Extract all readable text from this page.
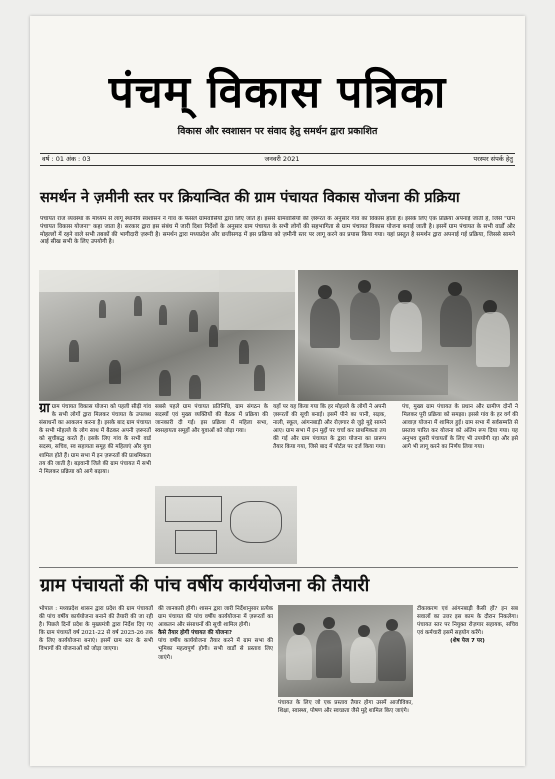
पंचम् विकास पत्रिका
विकास और स्वशासन पर संवाद हेतु समर्थन द्वारा प्रकाशित
वर्ष : 01 अंक : 03	जनवरी 2021	परस्पर संपर्क हेतु
समर्थन ने ज़मीनी स्तर पर क्रियान्वित की ग्राम पंचायत विकास योजना की प्रक्रिया
पंचायत राज व्यवस्था के माध्यम से लागू स्थानीय स्वशासन ने गांव के फैसले ग्रामवासियों द्वारा लिए जाते हैं। इससे ग्रामवासियों की ज़रूरत के अनुसार गांव का विकास होता है। इसके लिए एक प्रक्रिया अपनाई जाती है, जिसे "ग्राम पंचायत विकास योजना" कहा जाता है। सरकार द्वारा इस संबंध में जारी दिशा निर्देशों के अनुसार ग्राम पंचायत के सभी लोगों की सहभागिता से ग्राम पंचायत विकास योजना बनाई जाती है। इसमें ग्राम पंचायत के सभी वार्डों और मोहल्लों में रहने वाले सभी तबकों की भागीदारी ज़रूरी है। समर्थन द्वारा मध्यप्रदेश और छत्तीसगढ़ में इस प्रक्रिया को ज़मीनी स्तर पर लागू करने का प्रयास किया गया। यहां प्रस्तुत है समर्थन द्वारा अपनाई गई प्रक्रिया, जिससे सामने आई सीख सभी के लिए उपयोगी है।

ग्रा ग्राम पंचायत विकास योजना को पहली सीढ़ी गांव के सभी लोगों द्वारा मिलकर पंचायत के उपलब्ध संसाधनों का आकलन करना है। इसके बाद ग्राम पंचायत के सभी मोहल्ले के लोग साथ में बैठकर अपनी ज़रूरतों को सूचीबद्ध करते हैं। इसके लिए गांव के सभी वार्ड सदस्य, सचिव, स्व सहायता समूह की महिलाएं और युवा शामिल होते हैं। ग्राम सभा में इन ज़रूरतों की प्राथमिकता तय की जाती है। बड़वानी जिले की ग्राम पंचायत में सभी ने मिलकर प्रक्रिया को आगे बढ़ाया।

सबसे पहले ग्राम पंचायत प्रतिनिधि, ग्राम संगठन के सदस्यों एवं मुख्य व्यक्तियों की बैठक में प्रक्रिया की जानकारी दी गई। इस प्रक्रिया में महिला सभा, स्वसहायता समूहों और युवाओं को जोड़ा गया।
यहाँ पर यह किया गया कि हर मोहल्ले के लोगों ने अपनी ज़रूरतों की सूची बनाई। इसमें पीने का पानी, सड़क, नाली, स्कूल, आंगनबाड़ी और रोज़गार से जुड़े मुद्दे सामने आए। ग्राम सभा में इन मुद्दों पर चर्चा कर प्राथमिकता तय की गई और ग्राम पंचायत के द्वारा योजना का प्रारूप तैयार किया गया, जिसे बाद में पोर्टल पर दर्ज किया गया।
पंच, मुख्य ग्राम पंचायत के प्रधान और ग्रामीण दोनों ने मिलकर पूरी प्रक्रिया को समझा। इससे गांव के हर वर्ग की आवाज़ योजना में शामिल हुई। ग्राम सभा में सर्वसम्मति से प्रस्ताव पारित कर योजना को अंतिम रूप दिया गया। यह अनुभव दूसरी पंचायतों के लिए भी उपयोगी रहा और इसे आगे भी लागू करने का निर्णय लिया गया।
ग्राम पंचायतों की पांच वर्षीय कार्ययोजना की तैयारी
भोपाल : मध्यप्रदेश शासन द्वारा प्रदेश की ग्राम पंचायतों की पांच वर्षीय कार्ययोजना बनाने की तैयारी की जा रही है। पिछले दिनों प्रदेश के मुख्यमंत्री द्वारा निर्देश दिए गए कि ग्राम पंचायतें वर्ष 2021-22 से वर्ष 2025-26 तक के लिए कार्ययोजना बनाएं। इसमें ग्राम स्तर के सभी विभागों की योजनाओं को जोड़ा जाएगा।

की जानकारी होगी। शासन द्वारा जारी निर्देशानुसार प्रत्येक ग्राम पंचायत की पांच वर्षीय कार्ययोजना में ज़रूरतों का आकलन और संसाधनों की सूची शामिल होगी।

कैसे तैयार होगी पंचायत की योजना?

पांच वर्षीय कार्ययोजना तैयार करने में ग्राम सभा की भूमिका महत्वपूर्ण होगी। सभी वार्डों से प्रस्ताव लिए जाएंगे।

पंचायत के लिए जो एक प्रस्ताव तैयार होगा उसमें आजीविका, शिक्षा, स्वास्थ्य, पोषण और स्वच्छता जैसे मुद्दे शामिल किए जाएंगे।

टीकाकरण एवं आंगनबाड़ी कैसी हों? इन सब सवालों का उत्तर इस काम के दौरान निकलेगा। पंचायत स्तर पर नियुक्त रोज़गार सहायक, सचिव एवं कर्मचारी इसमें सहयोग करेंगे।

(शेष पेज 7 पर)
